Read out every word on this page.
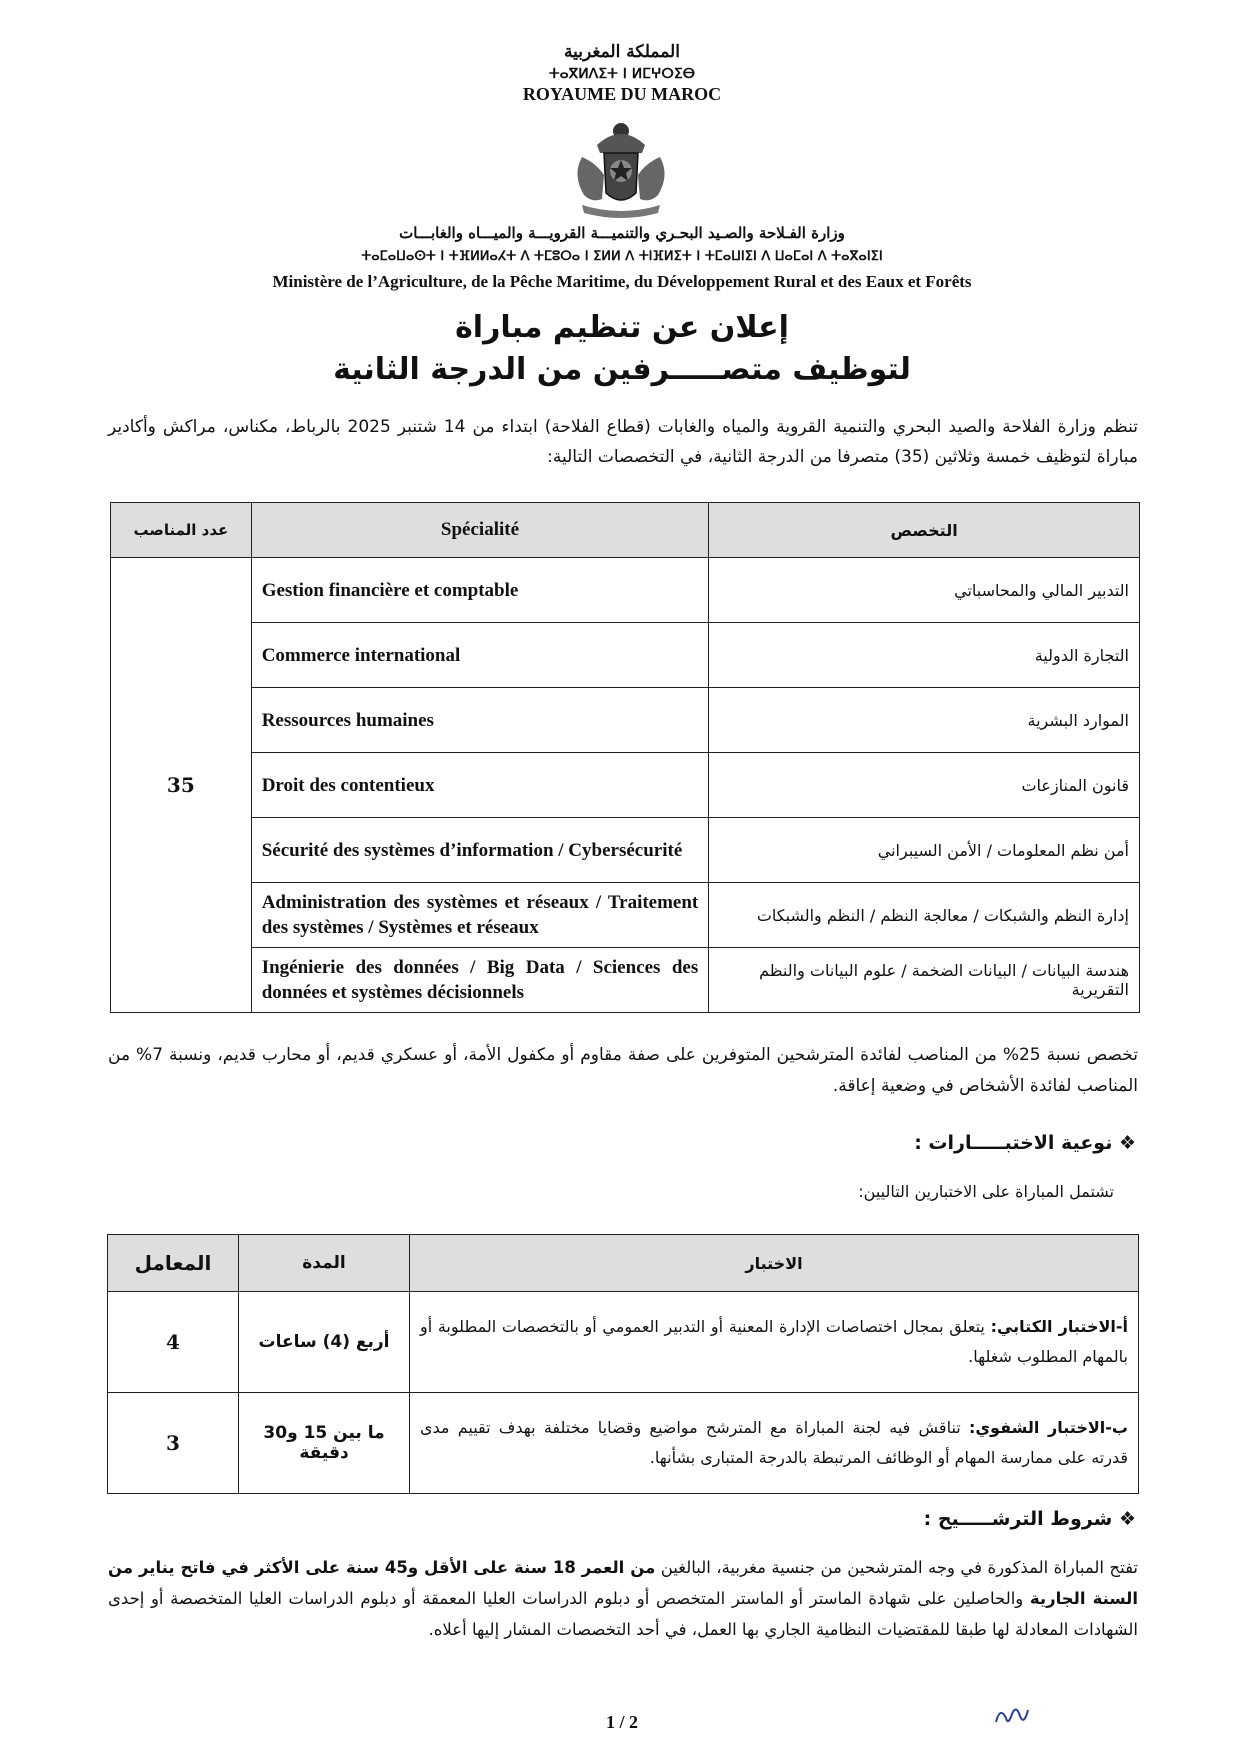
المملكة المغربية
ⵜⴰⴳⵍⴷⵉⵜ ⵏ ⵍⵎⵖⵔⵉⴱ
ROYAUME DU MAROC
وزارة الفـلاحة والصـيد البحـري والتنميـــة القرويـــة والميـــاه والغابـــات
ⵜⴰⵎⴰⵡⴰⵙⵜ ⵏ ⵜⴼⵍⵍⴰⵃⵜ ⴷ ⵜⵎⵓⵔⴰ ⵏ ⵉⵍⵍ ⴷ ⵜⵏⴼⵍⵉⵜ ⵏ ⵜⵎⴰⵡⵏⵉⵏ ⴷ ⵡⴰⵎⴰⵏ ⴷ ⵜⴰⴳⴰⵏⵉⵏ
Ministère de l’Agriculture, de la Pêche Maritime, du Développement Rural et des Eaux et Forêts
إعلان عن تنظيم مباراة
لتوظيف متصـــــرفين من الدرجة الثانية
تنظم وزارة الفلاحة والصيد البحري والتنمية القروية والمياه والغابات (قطاع الفلاحة) ابتداء من 14 شتنبر 2025 بالرباط، مكناس، مراكش وأكادير مباراة لتوظيف خمسة وثلاثين (35) متصرفا من الدرجة الثانية، في التخصصات التالية:
عدد المناصب	Spécialité	التخصص
35	Gestion financière et comptable	التدبير المالي والمحاسباتي
	Commerce international	التجارة الدولية
	Ressources humaines	الموارد البشرية
	Droit des contentieux	قانون المنازعات
	Sécurité des systèmes d’information / Cybersécurité	أمن نظم المعلومات / الأمن السيبراني
	Administration des systèmes et réseaux / Traitement des systèmes / Systèmes et réseaux	إدارة النظم والشبكات / معالجة النظم / النظم والشبكات
	Ingénierie des données / Big Data / Sciences des données et systèmes décisionnels	هندسة البيانات / البيانات الضخمة / علوم البيانات والنظم التقريرية
تخصص نسبة 25% من المناصب لفائدة المترشحين المتوفرين على صفة مقاوم أو مكفول الأمة، أو عسكري قديم، أو محارب قديم، ونسبة 7% من المناصب لفائدة الأشخاص في وضعية إعاقة.
❖ نوعية الاختبـــــارات :
تشتمل المباراة على الاختبارين التاليين:
المعامل	المدة	الاختبار
4	أربع (4) ساعات	أ-الاختبار الكتابي: يتعلق بمجال اختصاصات الإدارة المعنية أو التدبير العمومي أو بالتخصصات المطلوبة أو بالمهام المطلوب شغلها.
3	ما بين 15 و30 دقيقة	ب-الاختبار الشفوي: تناقش فيه لجنة المباراة مع المترشح مواضيع وقضايا مختلفة بهدف تقييم مدى قدرته على ممارسة المهام أو الوظائف المرتبطة بالدرجة المتبارى بشأنها.
❖ شروط الترشـــــيح :
تفتح المباراة المذكورة في وجه المترشحين من جنسية مغربية، البالغين من العمر 18 سنة على الأقل و45 سنة على الأكثر في فاتح يناير من السنة الجارية والحاصلين على شهادة الماستر أو الماستر المتخصص أو دبلوم الدراسات العليا المعمقة أو دبلوم الدراسات العليا المتخصصة أو إحدى الشهادات المعادلة لها طبقا للمقتضيات النظامية الجاري بها العمل، في أحد التخصصات المشار إليها أعلاه.
1 / 2
